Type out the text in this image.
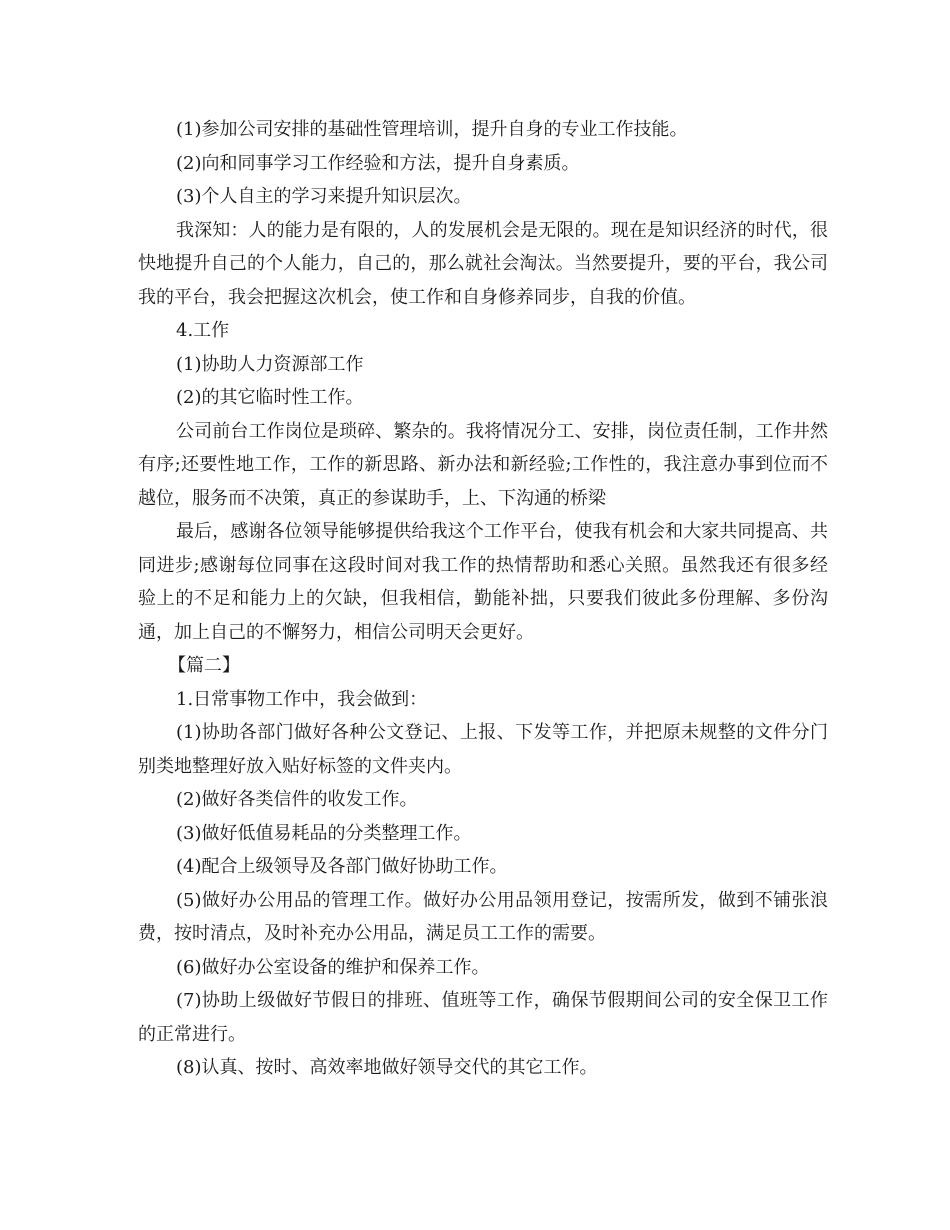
(1)参加公司安排的基础性管理培训，提升自身的专业工作技能。

(2)向和同事学习工作经验和方法，提升自身素质。

(3)个人自主的学习来提升知识层次。

我深知：人的能力是有限的，人的发展机会是无限的。现在是知识经济的时代，很快地提升自己的个人能力，自己的，那么就社会淘汰。当然要提升，要的平台，我公司我的平台，我会把握这次机会，使工作和自身修养同步，自我的价值。

4.工作

(1)协助人力资源部工作

(2)的其它临时性工作。

公司前台工作岗位是琐碎、繁杂的。我将情况分工、安排，岗位责任制，工作井然有序;还要性地工作，工作的新思路、新办法和新经验;工作性的，我注意办事到位而不越位，服务而不决策，真正的参谋助手，上、下沟通的桥梁

最后，感谢各位领导能够提供给我这个工作平台，使我有机会和大家共同提高、共同进步;感谢每位同事在这段时间对我工作的热情帮助和悉心关照。虽然我还有很多经验上的不足和能力上的欠缺，但我相信，勤能补拙，只要我们彼此多份理解、多份沟通，加上自己的不懈努力，相信公司明天会更好。

【篇二】

1.日常事物工作中，我会做到：

(1)协助各部门做好各种公文登记、上报、下发等工作，并把原未规整的文件分门别类地整理好放入贴好标签的文件夹内。

(2)做好各类信件的收发工作。

(3)做好低值易耗品的分类整理工作。

(4)配合上级领导及各部门做好协助工作。

(5)做好办公用品的管理工作。做好办公用品领用登记，按需所发，做到不铺张浪费，按时清点，及时补充办公用品，满足员工工作的需要。

(6)做好办公室设备的维护和保养工作。

(7)协助上级做好节假日的排班、值班等工作，确保节假期间公司的安全保卫工作的正常进行。

(8)认真、按时、高效率地做好领导交代的其它工作。
